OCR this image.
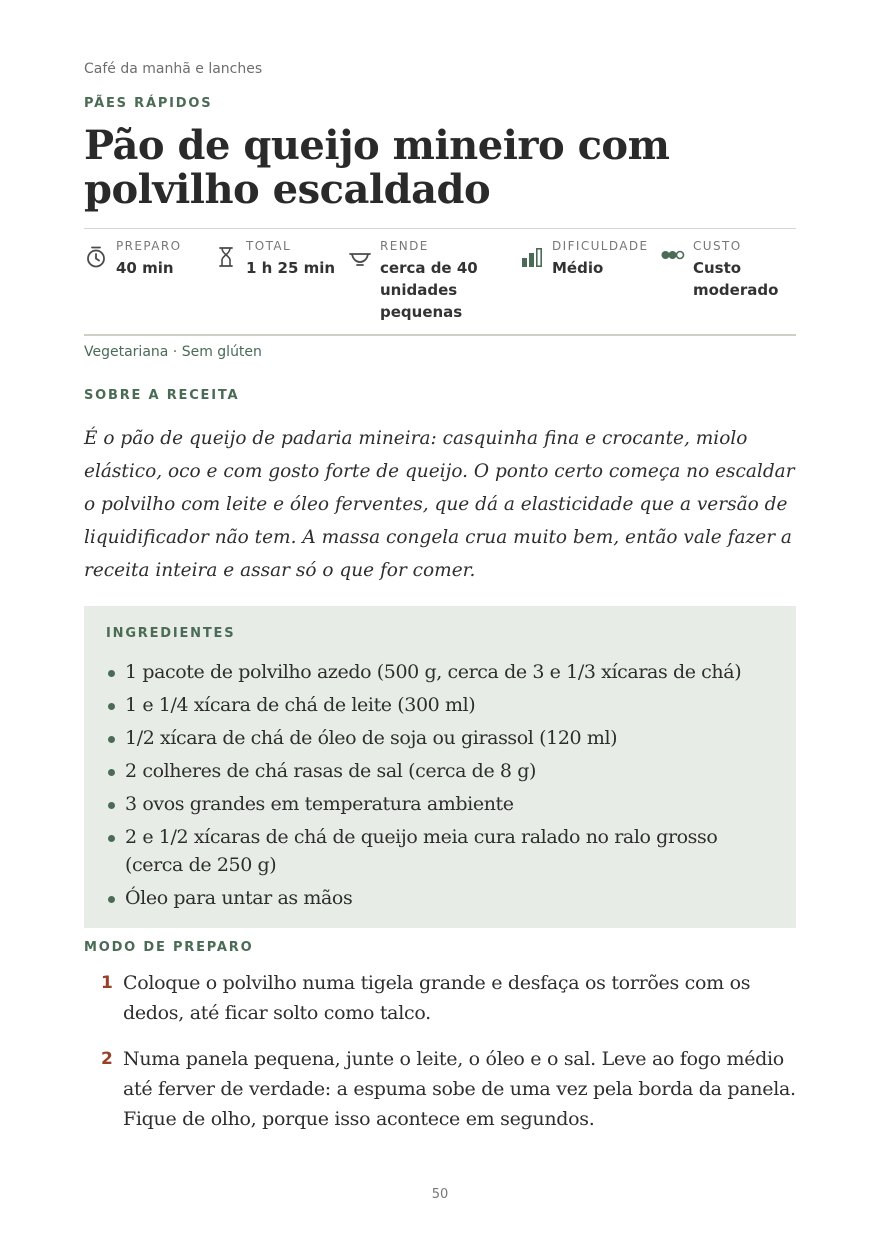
Café da manhã e lanches
PÃES RÁPIDOS
Pão de queijo mineiro com polvilho escaldado
PREPARO
40 min
TOTAL
1 h 25 min
RENDE
cerca de 40 unidades pequenas
DIFICULDADE
Médio
CUSTO
Custo moderado
Vegetariana · Sem glúten
SOBRE A RECEITA

É o pão de queijo de padaria mineira: casquinha fina e crocante, miolo elástico, oco e com gosto forte de queijo. O ponto certo começa no escaldar o polvilho com leite e óleo ferventes, que dá a elasticidade que a versão de liquidificador não tem. A massa congela crua muito bem, então vale fazer a receita inteira e assar só o que for comer.

INGREDIENTES
1 pacote de polvilho azedo (500 g, cerca de 3 e 1/3 xícaras de chá)
1 e 1/4 xícara de chá de leite (300 ml)
1/2 xícara de chá de óleo de soja ou girassol (120 ml)
2 colheres de chá rasas de sal (cerca de 8 g)
3 ovos grandes em temperatura ambiente
2 e 1/2 xícaras de chá de queijo meia cura ralado no ralo grosso (cerca de 250 g)
Óleo para untar as mãos
MODO DE PREPARO
1 Coloque o polvilho numa tigela grande e desfaça os torrões com os dedos, até ficar solto como talco.
2 Numa panela pequena, junte o leite, o óleo e o sal. Leve ao fogo médio até ferver de verdade: a espuma sobe de uma vez pela borda da panela. Fique de olho, porque isso acontece em segundos.
50
